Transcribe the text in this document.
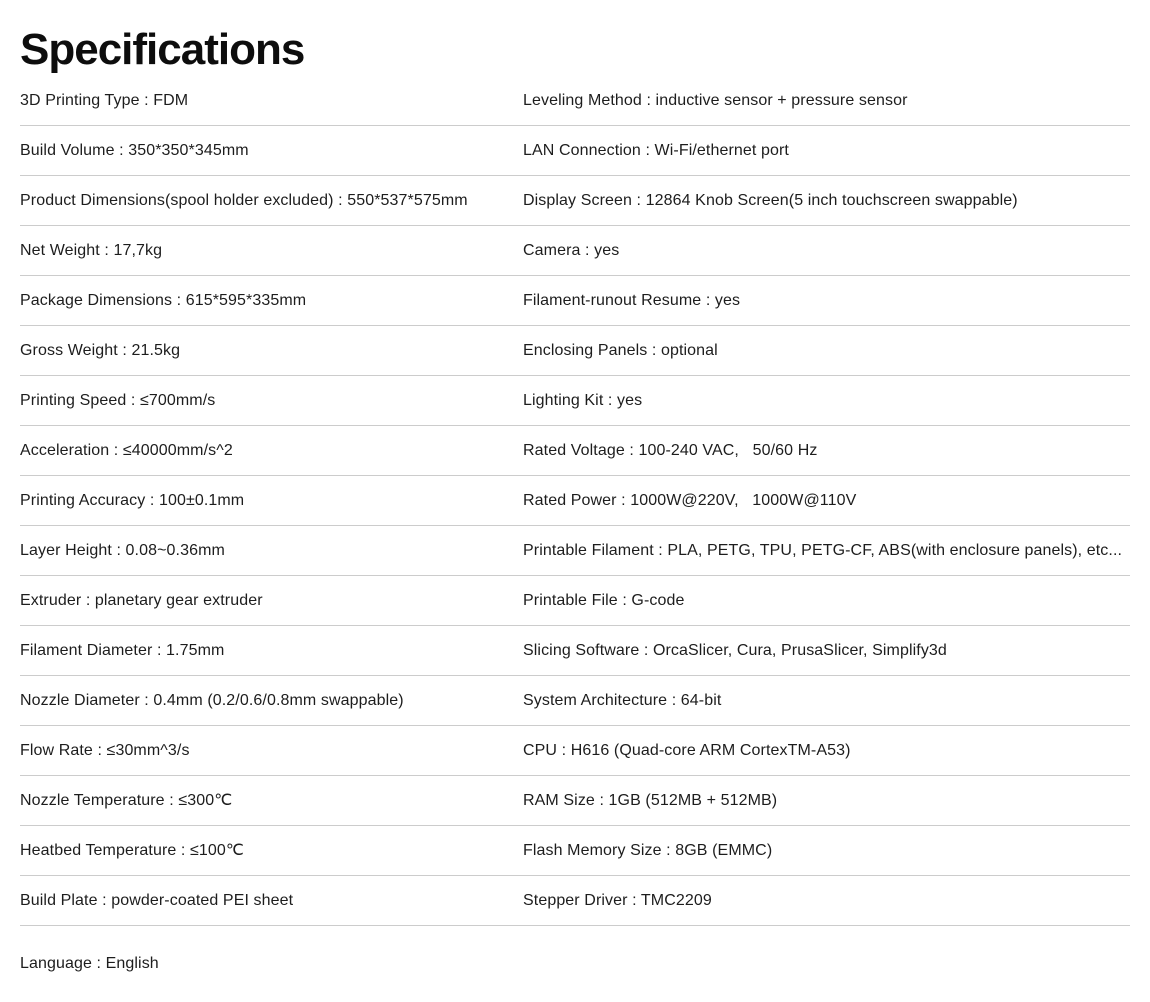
Specifications
3D Printing Type : FDM	Leveling Method : inductive sensor + pressure sensor
Build Volume : 350*350*345mm	LAN Connection : Wi-Fi/ethernet port
Product Dimensions(spool holder excluded) : 550*537*575mm	Display Screen : 12864 Knob Screen(5 inch touchscreen swappable)
Net Weight : 17,7kg	Camera : yes
Package Dimensions : 615*595*335mm	Filament-runout Resume : yes
Gross Weight : 21.5kg	Enclosing Panels : optional
Printing Speed : ≤700mm/s	Lighting Kit : yes
Acceleration : ≤40000mm/s^2	Rated Voltage : 100-240 VAC,   50/60 Hz
Printing Accuracy : 100±0.1mm	Rated Power : 1000W@220V,   1000W@110V
Layer Height : 0.08~0.36mm	Printable Filament : PLA, PETG, TPU, PETG-CF, ABS(with enclosure panels), etc...
Extruder : planetary gear extruder	Printable File : G-code
Filament Diameter : 1.75mm	Slicing Software : OrcaSlicer, Cura, PrusaSlicer, Simplify3d
Nozzle Diameter : 0.4mm (0.2/0.6/0.8mm swappable)	System Architecture : 64-bit
Flow Rate : ≤30mm^3/s	CPU : H616 (Quad-core ARM CortexTM-A53)
Nozzle Temperature : ≤300℃	RAM Size : 1GB (512MB + 512MB)
Heatbed Temperature : ≤100℃	Flash Memory Size : 8GB (EMMC)
Build Plate : powder-coated PEI sheet	Stepper Driver : TMC2209
Language : English
